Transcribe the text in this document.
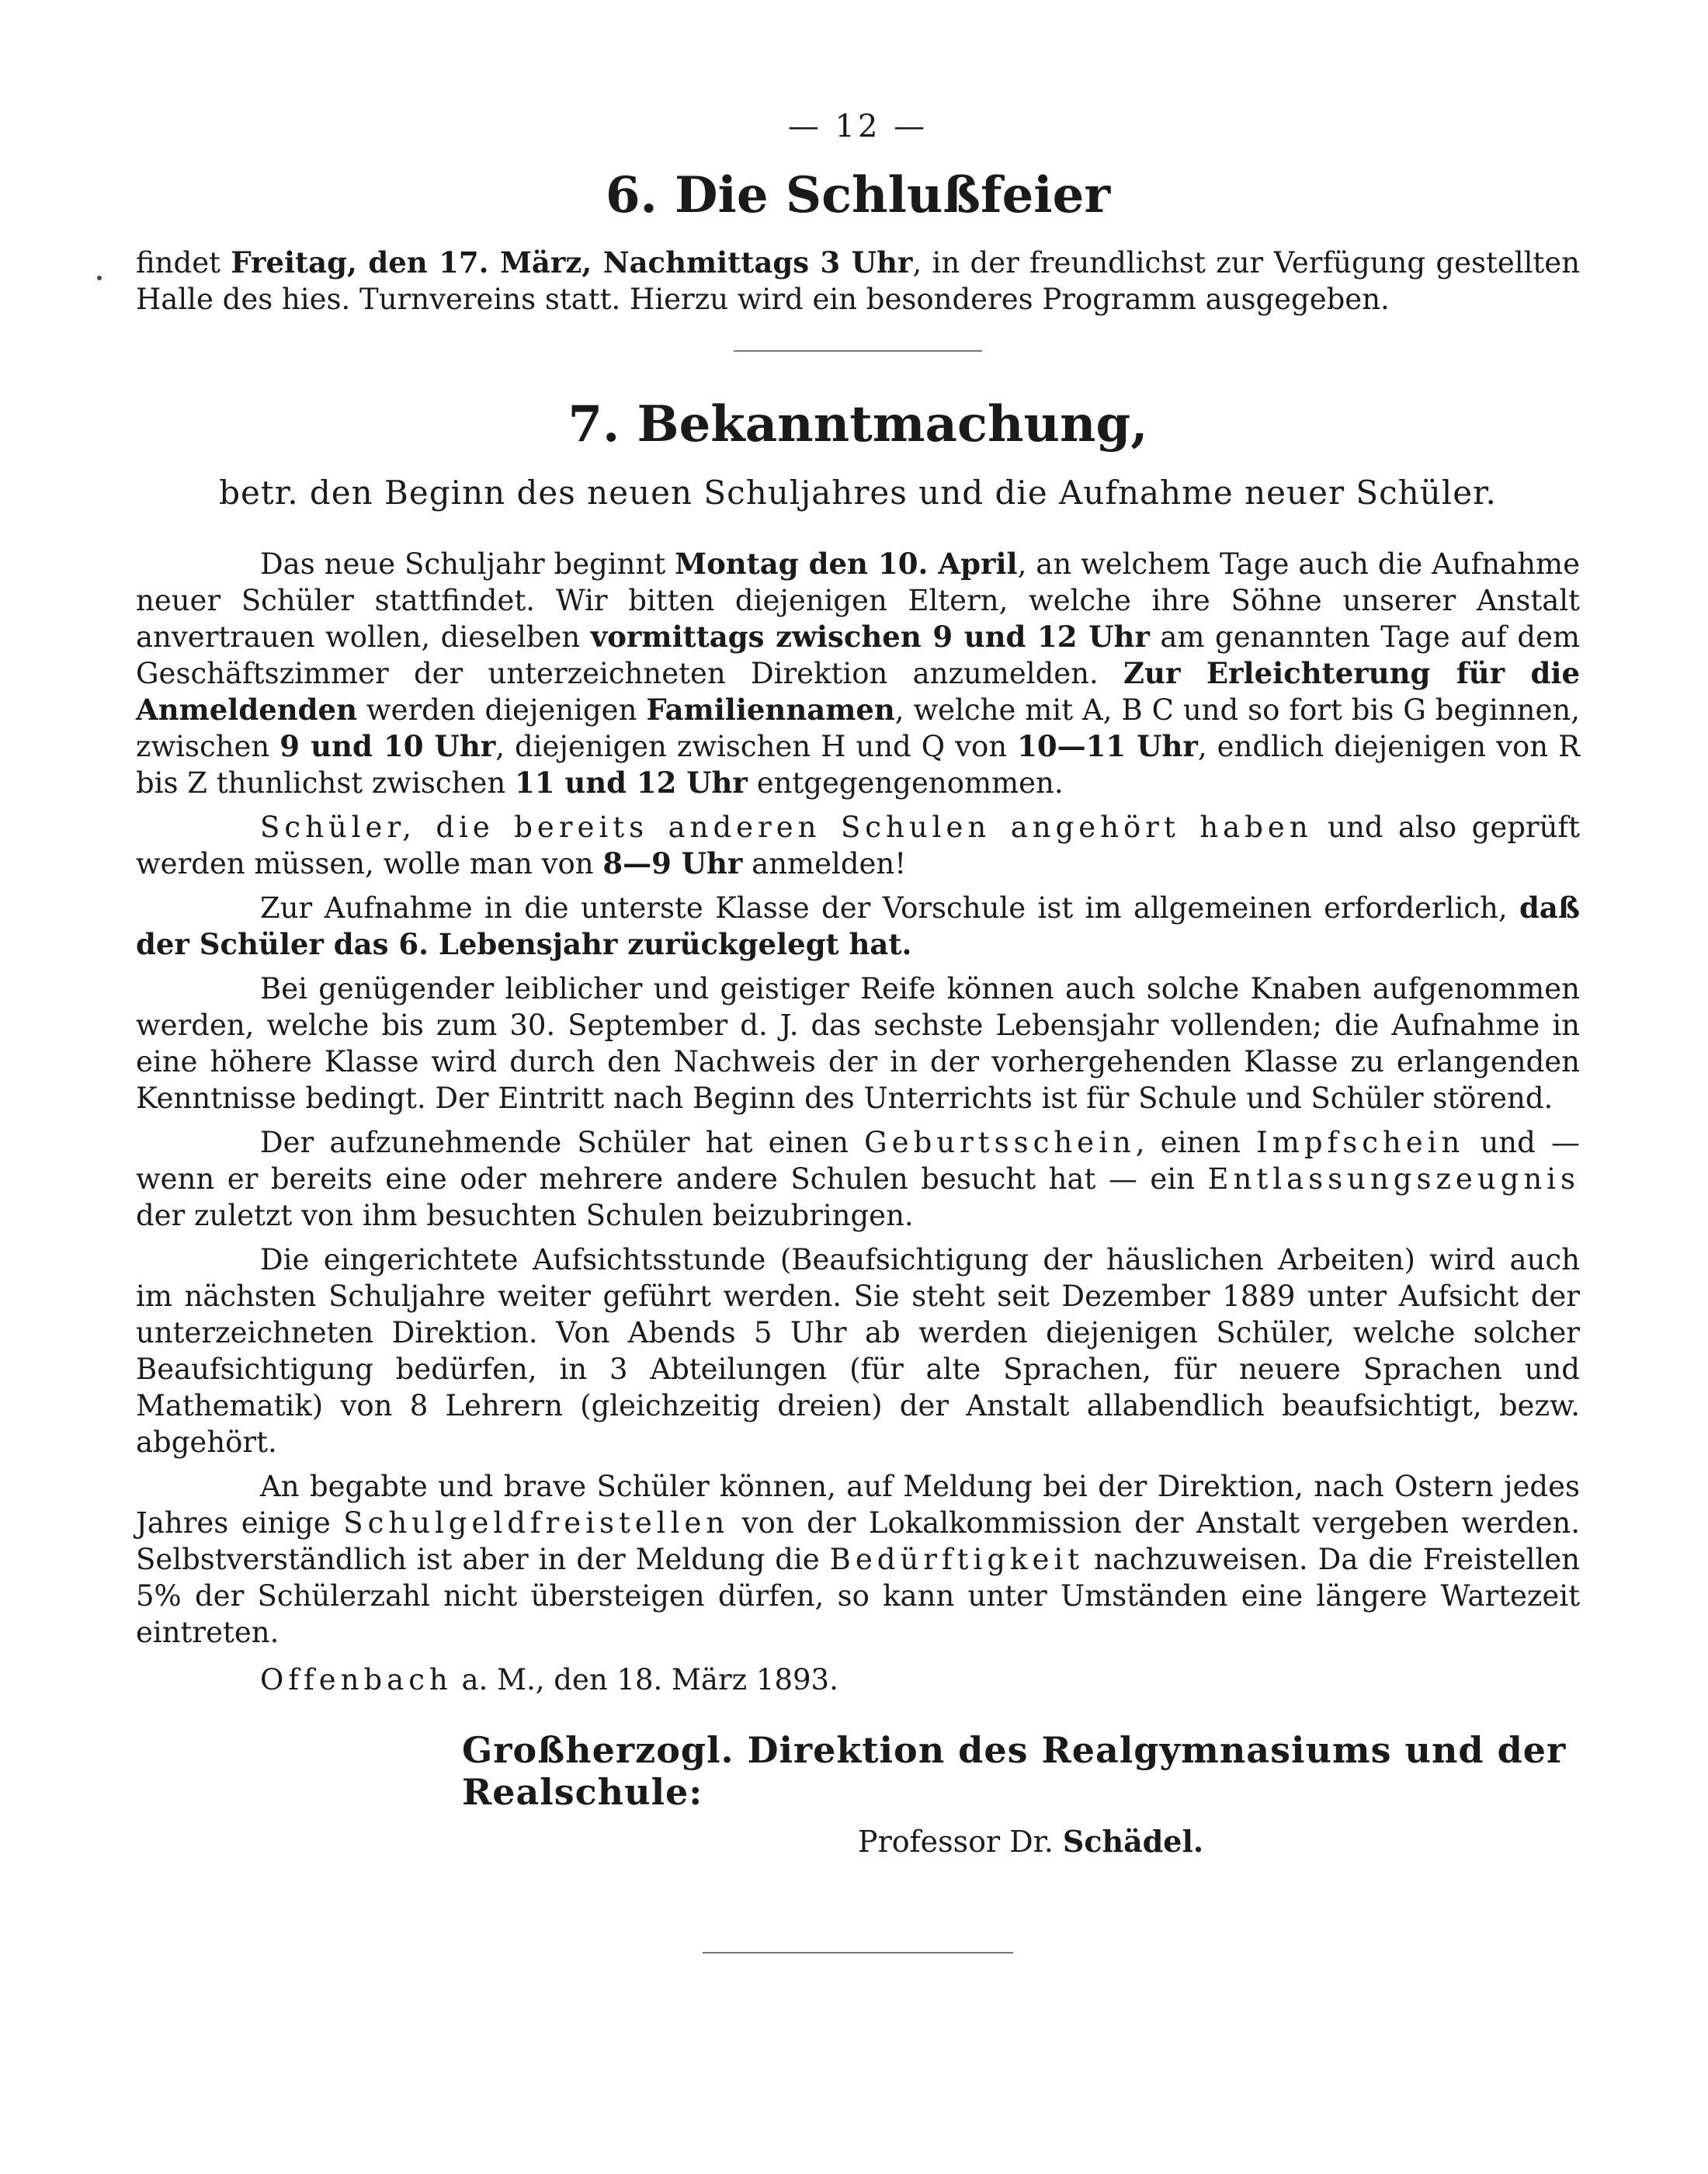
— 12 —
6. Die Schlußfeier

findet Freitag, den 17. März, Nachmittags 3 Uhr, in der freundlichst zur Verfügung gestellten Halle des hies. Turnvereins statt. Hierzu wird ein besonderes Programm ausgegeben.

7. Bekanntmachung,
betr. den Beginn des neuen Schuljahres und die Aufnahme neuer Schüler.

Das neue Schuljahr beginnt Montag den 10. April, an welchem Tage auch die Aufnahme neuer Schüler stattfindet. Wir bitten diejenigen Eltern, welche ihre Söhne unserer Anstalt anvertrauen wollen, dieselben vormittags zwischen 9 und 12 Uhr am genannten Tage auf dem Geschäftszimmer der unterzeichneten Direktion anzumelden. Zur Erleichterung für die Anmeldenden werden diejenigen Familiennamen, welche mit A, B C und so fort bis G beginnen, zwischen 9 und 10 Uhr, diejenigen zwischen H und Q von 10—11 Uhr, endlich diejenigen von R bis Z thunlichst zwischen 11 und 12 Uhr entgegengenommen.

Schüler, die bereits anderen Schulen angehört haben und also geprüft werden müssen, wolle man von 8—9 Uhr anmelden!

Zur Aufnahme in die unterste Klasse der Vorschule ist im allgemeinen erforderlich, daß der Schüler das 6. Lebensjahr zurückgelegt hat.

Bei genügender leiblicher und geistiger Reife können auch solche Knaben aufgenommen werden, welche bis zum 30. September d. J. das sechste Lebensjahr vollenden; die Aufnahme in eine höhere Klasse wird durch den Nachweis der in der vorhergehenden Klasse zu erlangenden Kenntnisse bedingt. Der Eintritt nach Beginn des Unterrichts ist für Schule und Schüler störend.

Der aufzunehmende Schüler hat einen Geburtsschein, einen Impfschein und — wenn er bereits eine oder mehrere andere Schulen besucht hat — ein Entlassungszeugnis der zuletzt von ihm besuchten Schulen beizubringen.

Die eingerichtete Aufsichtsstunde (Beaufsichtigung der häuslichen Arbeiten) wird auch im nächsten Schuljahre weiter geführt werden. Sie steht seit Dezember 1889 unter Aufsicht der unterzeichneten Direktion. Von Abends 5 Uhr ab werden diejenigen Schüler, welche solcher Beaufsichtigung bedürfen, in 3 Abteilungen (für alte Sprachen, für neuere Sprachen und Mathematik) von 8 Lehrern (gleichzeitig dreien) der Anstalt allabendlich beaufsichtigt, bezw. abgehört.

An begabte und brave Schüler können, auf Meldung bei der Direktion, nach Ostern jedes Jahres einige Schulgeldfreistellen von der Lokalkommission der Anstalt vergeben werden. Selbstverständlich ist aber in der Meldung die Bedürftigkeit nachzuweisen. Da die Freistellen 5% der Schülerzahl nicht übersteigen dürfen, so kann unter Umständen eine längere Wartezeit eintreten.

Offenbach a. M., den 18. März 1893.

Großherzogl. Direktion des Realgymnasiums und der Realschule:
Professor Dr. Schädel.
